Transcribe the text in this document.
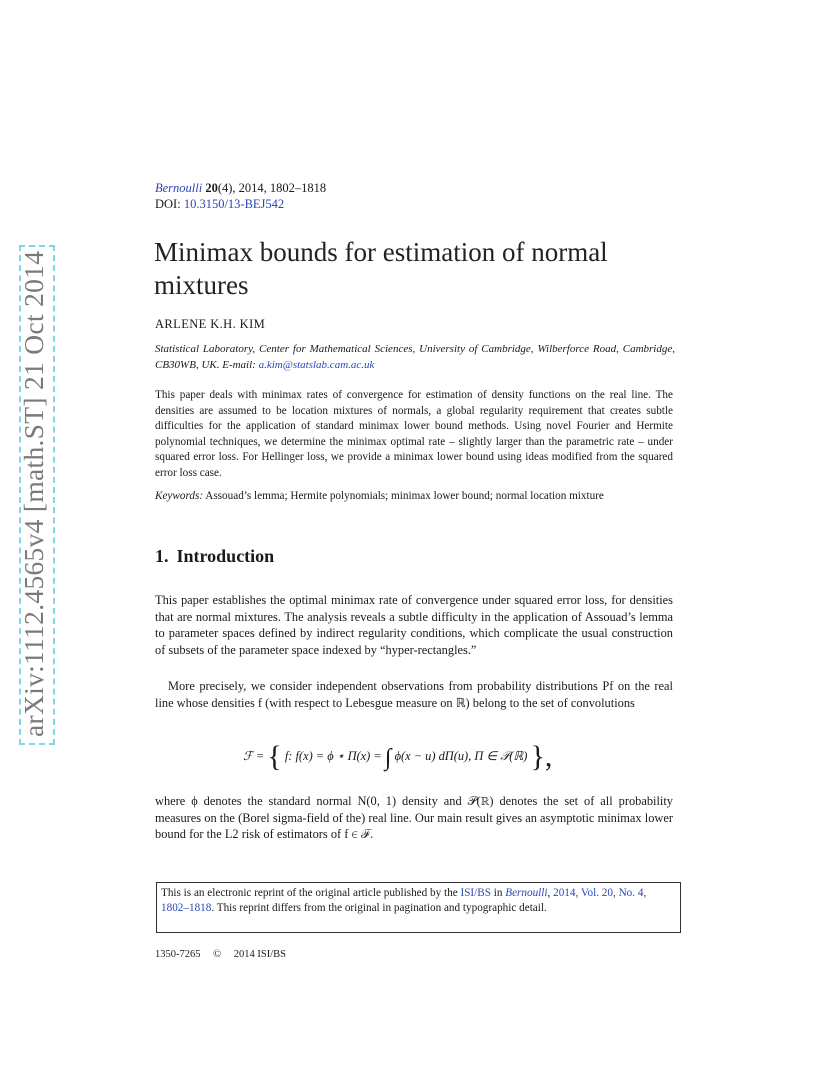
arXiv:1112.4565v4 [math.ST] 21 Oct 2014
Bernoulli 20(4), 2014, 1802–1818
DOI: 10.3150/13-BEJ542
Minimax bounds for estimation of normal mixtures
ARLENE K.H. KIM
Statistical Laboratory, Center for Mathematical Sciences, University of Cambridge, Wilberforce Road, Cambridge, CB30WB, UK. E-mail: a.kim@statslab.cam.ac.uk
This paper deals with minimax rates of convergence for estimation of density functions on the real line. The densities are assumed to be location mixtures of normals, a global regularity requirement that creates subtle difficulties for the application of standard minimax lower bound methods. Using novel Fourier and Hermite polynomial techniques, we determine the minimax optimal rate – slightly larger than the parametric rate – under squared error loss. For Hellinger loss, we provide a minimax lower bound using ideas modified from the squared error loss case.
Keywords: Assouad’s lemma; Hermite polynomials; minimax lower bound; normal location mixture
1. Introduction
This paper establishes the optimal minimax rate of convergence under squared error loss, for densities that are normal mixtures. The analysis reveals a subtle difficulty in the application of Assouad’s lemma to parameter spaces defined by indirect regularity conditions, which complicate the usual construction of subsets of the parameter space indexed by “hyper-rectangles.”
More precisely, we consider independent observations from probability distributions Pf on the real line whose densities f (with respect to Lebesgue measure on ℝ) belong to the set of convolutions
ℱ = { f: f(x) = ϕ ⋆ Π(x) = ∫ ϕ(x − u) dΠ(u), Π ∈ 𝒫(ℝ) },
where ϕ denotes the standard normal N(0, 1) density and 𝒫(ℝ) denotes the set of all probability measures on the (Borel sigma-field of the) real line. Our main result gives an asymptotic minimax lower bound for the L2 risk of estimators of f ∈ ℱ.
This is an electronic reprint of the original article published by the ISI/BS in Bernoulli, 2014, Vol. 20, No. 4, 1802–1818. This reprint differs from the original in pagination and typographic detail.
1350-7265 © 2014 ISI/BS
